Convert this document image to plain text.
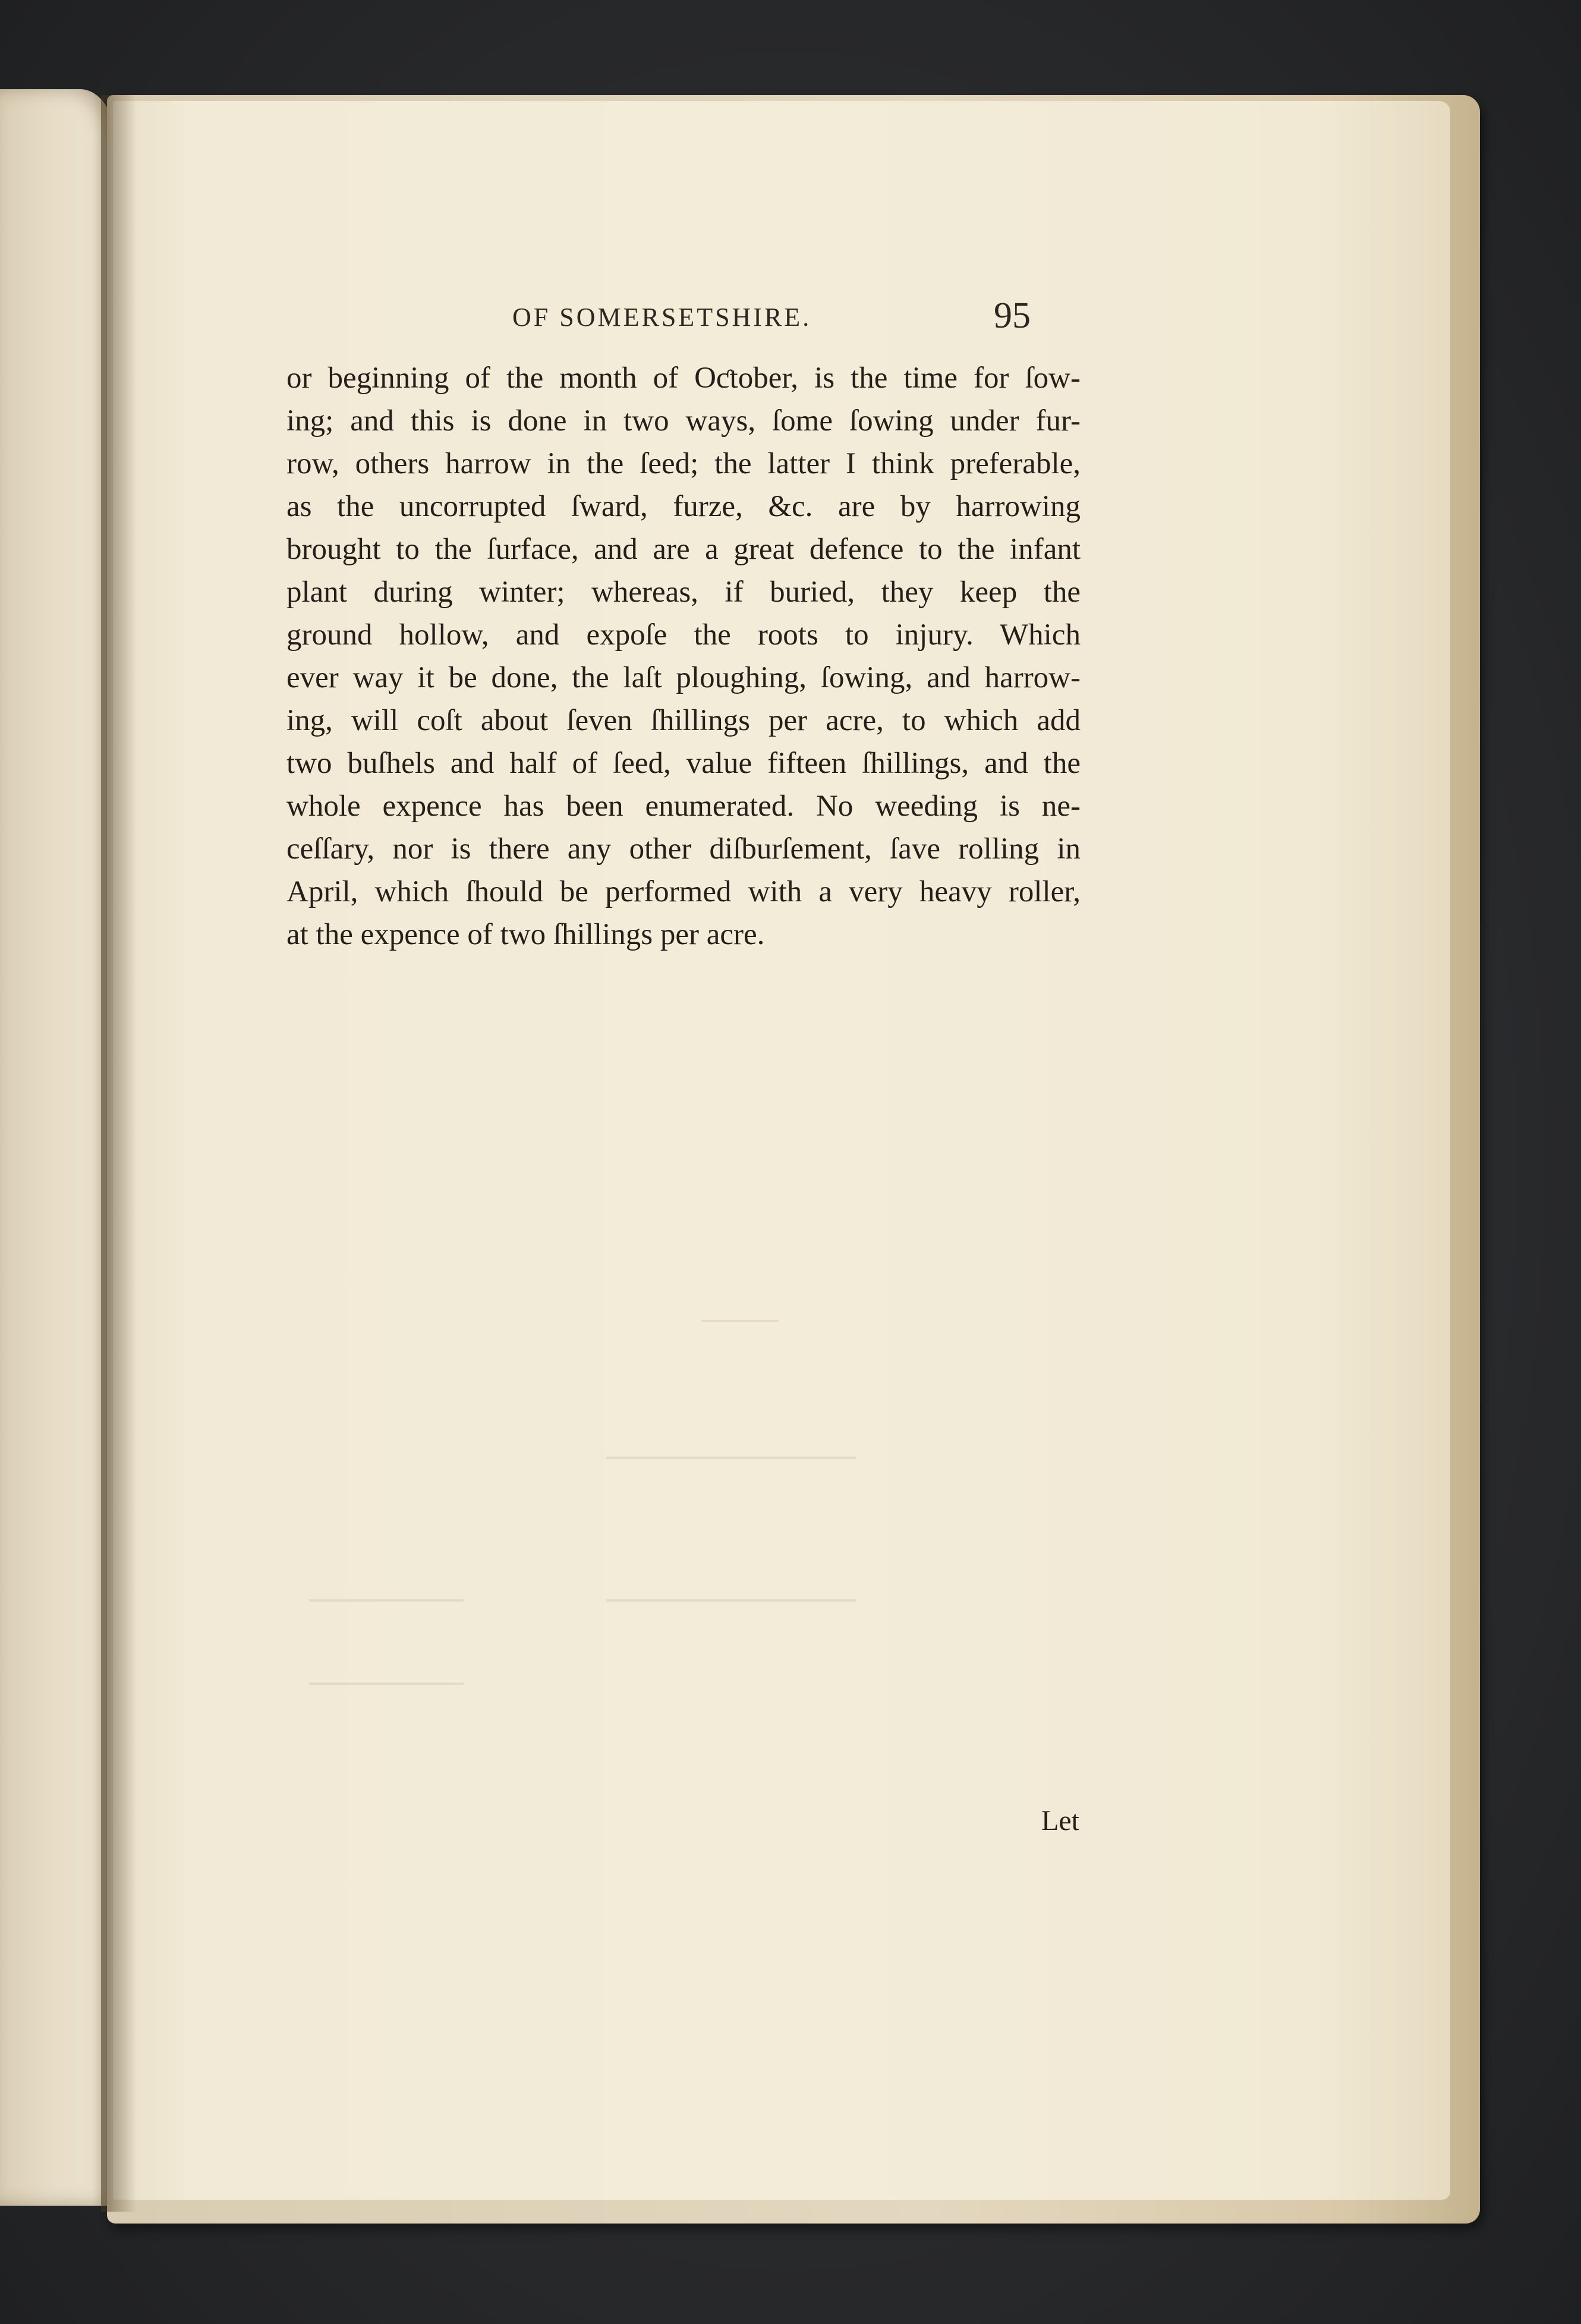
OF SOMERSETSHIRE.	95
or beginning of the month of Oƈtober, is the time for ſow-
ing; and this is done in two ways, ſome ſowing under fur-
row, others harrow in the ſeed; the latter I think preferable,
as the uncorrupted ſward, furze, &c. are by harrowing
brought to the ſurface, and are a great defence to the infant
plant during winter; whereas, if buried, they keep the
ground hollow, and expoſe the roots to injury. Which
ever way it be done, the laſt ploughing, ſowing, and harrow-
ing, will coſt about ſeven ſhillings per acre, to which add
two buſhels and half of ſeed, value fifteen ſhillings, and the
whole expence has been enumerated. No weeding is ne-
ceſſary, nor is there any other diſburſement, ſave rolling in
April, which ſhould be performed with a very heavy roller,
at the expence of two ſhillings per acre.
Let
